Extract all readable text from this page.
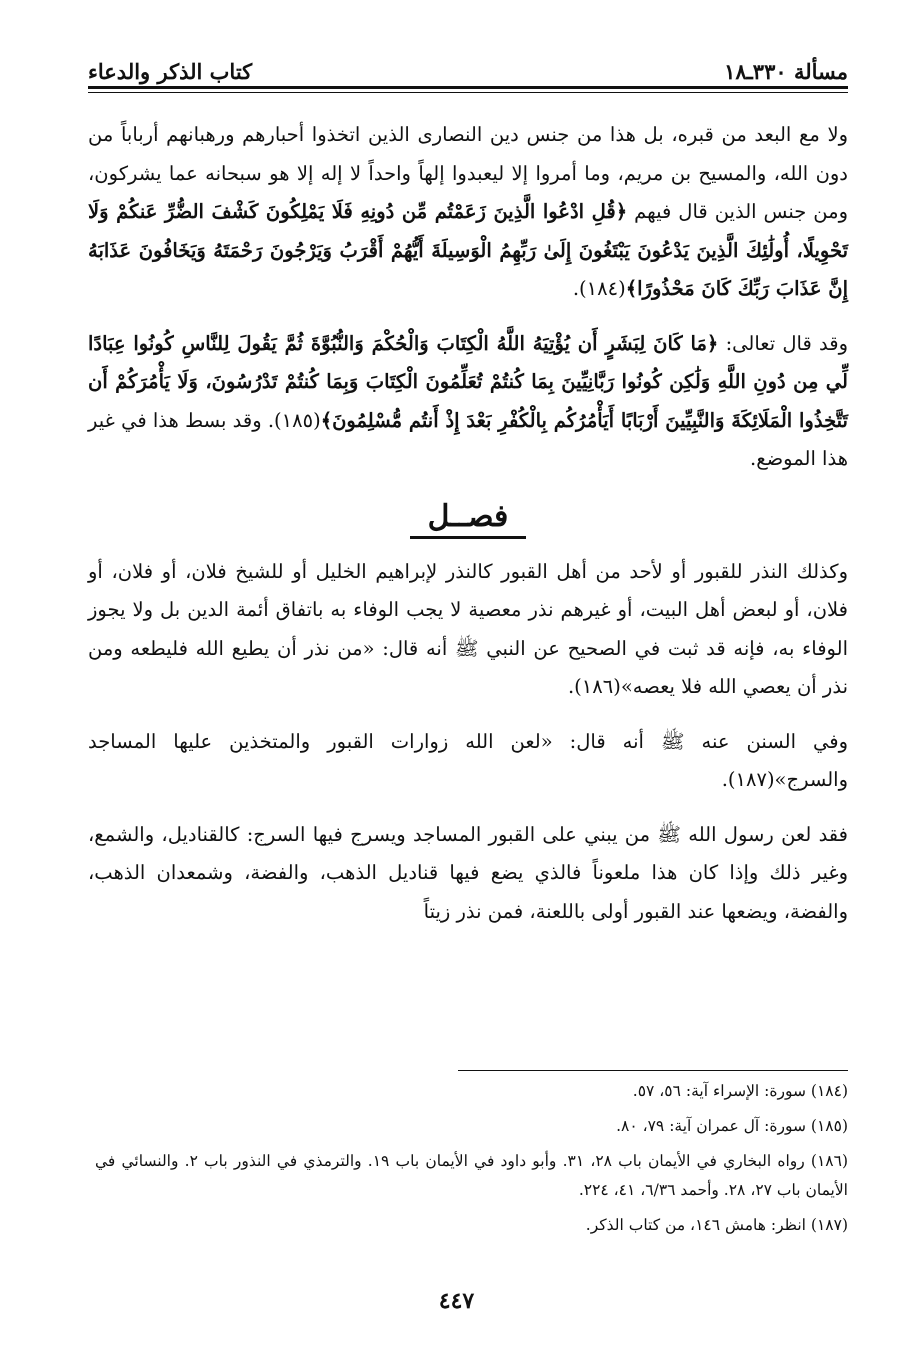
مسألة ٣٣٠ـ١٨
كتاب الذكر والدعاء

ولا مع البعد من قبره، بل هذا من جنس دين النصارى الذين اتخذوا أحبارهم ورهبانهم أرباباً من دون الله، والمسيح بن مريم، وما أمروا إلا ليعبدوا إلهاً واحداً لا إله إلا هو سبحانه عما يشركون، ومن جنس الذين قال فيهم ﴿قُلِ ادْعُوا الَّذِينَ زَعَمْتُم مِّن دُونِهِ فَلَا يَمْلِكُونَ كَشْفَ الضُّرِّ عَنكُمْ وَلَا تَحْوِيلًا، أُولَٰئِكَ الَّذِينَ يَدْعُونَ يَبْتَغُونَ إِلَىٰ رَبِّهِمُ الْوَسِيلَةَ أَيُّهُمْ أَقْرَبُ وَيَرْجُونَ رَحْمَتَهُ وَيَخَافُونَ عَذَابَهُ إِنَّ عَذَابَ رَبِّكَ كَانَ مَحْذُورًا﴾(١٨٤).

وقد قال تعالى: ﴿مَا كَانَ لِبَشَرٍ أَن يُؤْتِيَهُ اللَّهُ الْكِتَابَ وَالْحُكْمَ وَالنُّبُوَّةَ ثُمَّ يَقُولَ لِلنَّاسِ كُونُوا عِبَادًا لِّي مِن دُونِ اللَّهِ وَلَٰكِن كُونُوا رَبَّانِيِّينَ بِمَا كُنتُمْ تُعَلِّمُونَ الْكِتَابَ وَبِمَا كُنتُمْ تَدْرُسُونَ، وَلَا يَأْمُرَكُمْ أَن تَتَّخِذُوا الْمَلَائِكَةَ وَالنَّبِيِّينَ أَرْبَابًا أَيَأْمُرُكُم بِالْكُفْرِ بَعْدَ إِذْ أَنتُم مُّسْلِمُونَ﴾(١٨٥). وقد بسط هذا في غير هذا الموضع.

فصــل

وكذلك النذر للقبور أو لأحد من أهل القبور كالنذر لإبراهيم الخليل أو للشيخ فلان، أو فلان، أو فلان، أو لبعض أهل البيت، أو غيرهم نذر معصية لا يجب الوفاء به باتفاق أئمة الدين بل ولا يجوز الوفاء به، فإنه قد ثبت في الصحيح عن النبي ﷺ أنه قال: «من نذر أن يطيع الله فليطعه ومن نذر أن يعصي الله فلا يعصه»(١٨٦).

وفي السنن عنه ﷺ أنه قال: «لعن الله زوارات القبور والمتخذين عليها المساجد والسرج»(١٨٧).

فقد لعن رسول الله ﷺ من يبني على القبور المساجد ويسرج فيها السرج: كالقناديل، والشمع، وغير ذلك وإذا كان هذا ملعوناً فالذي يضع فيها قناديل الذهب، والفضة، وشمعدان الذهب، والفضة، ويضعها عند القبور أولى باللعنة، فمن نذر زيتاً

(١٨٤) سورة: الإسراء آية: ٥٦، ٥٧.

(١٨٥) سورة: آل عمران آية: ٧٩، ٨٠.

(١٨٦) رواه البخاري في الأيمان باب ٢٨، ٣١. وأبو داود في الأيمان باب ١٩. والترمذي في النذور باب ٢. والنسائي في الأيمان باب ٢٧، ٢٨. وأحمد ٦/٣٦، ٤١، ٢٢٤.

(١٨٧) انظر: هامش ١٤٦، من كتاب الذكر.

٤٤٧
